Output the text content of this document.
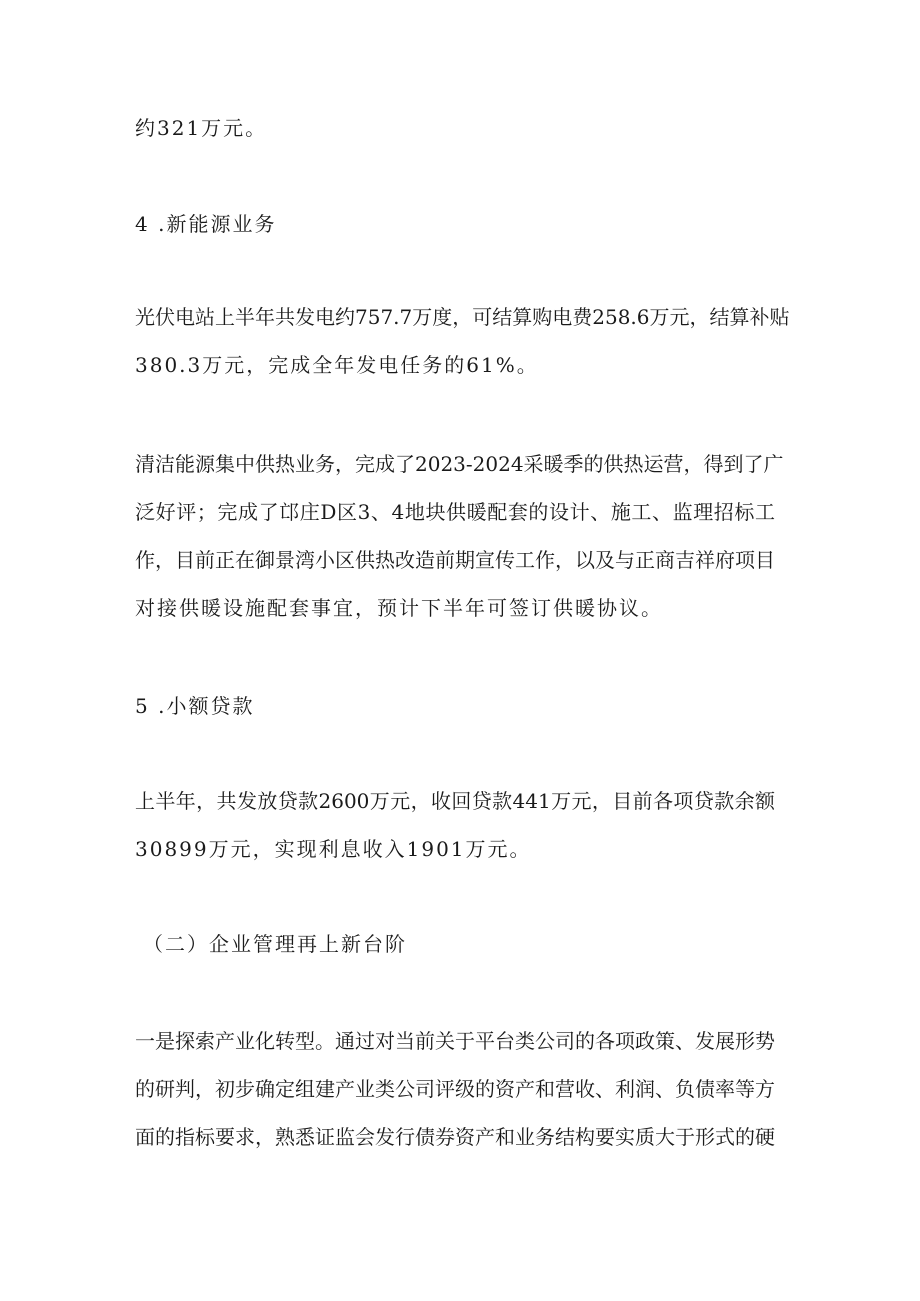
约321万元。
4 .新能源业务
光伏电站上半年共发电约757.7万度，可结算购电费258.6万元，结算补贴
380.3万元，完成全年发电任务的61%。
清洁能源集中供热业务，完成了2023-2024采暖季的供热运营，得到了广
泛好评；完成了邙庄D区3、4地块供暖配套的设计、施工、监理招标工
作，目前正在御景湾小区供热改造前期宣传工作，以及与正商吉祥府项目
对接供暖设施配套事宜，预计下半年可签订供暖协议。
5 .小额贷款
上半年，共发放贷款2600万元，收回贷款441万元，目前各项贷款余额
30899万元，实现利息收入1901万元。
（二）企业管理再上新台阶
一是探索产业化转型。通过对当前关于平台类公司的各项政策、发展形势
的研判，初步确定组建产业类公司评级的资产和营收、利润、负债率等方
面的指标要求，熟悉证监会发行债券资产和业务结构要实质大于形式的硬
